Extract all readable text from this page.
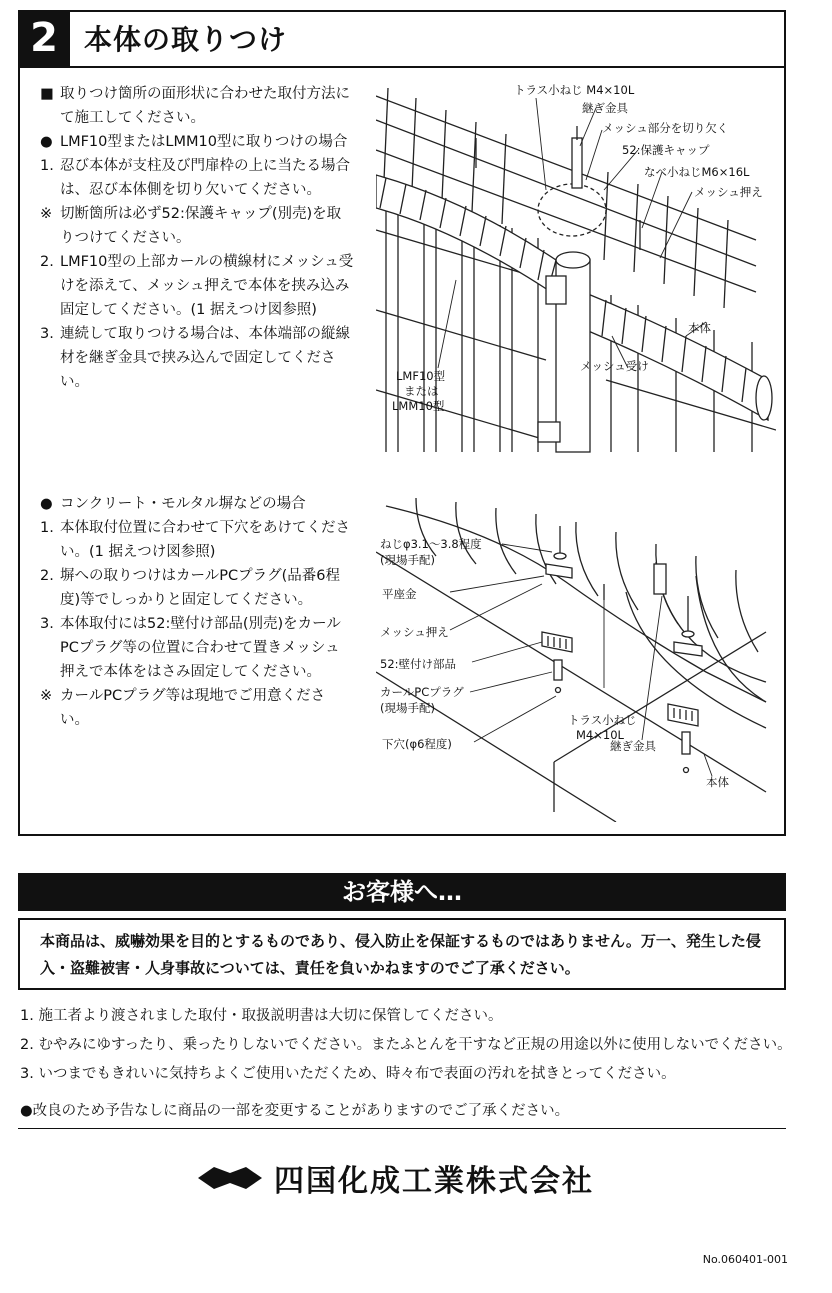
2 本体の取りつけ
■ 取りつけ箇所の面形状に合わせた取付方法にて施工してください。
● LMF10型またはLMM10型に取りつけの場合
1. 忍び本体が支柱及び門扉枠の上に当たる場合は、忍び本体側を切り欠いてください。
※ 切断箇所は必ず52:保護キャップ(別売)を取りつけてください。
2. LMF10型の上部カールの横線材にメッシュ受けを添えて、メッシュ押えで本体を挟み込み固定してください。(1 据えつけ図参照)
3. 連続して取りつける場合は、本体端部の縦線材を継ぎ金具で挟み込んで固定してください。
トラス小ねじ M4×10L
継ぎ金具
メッシュ部分を切り欠く
52:保護キャップ
なべ小ねじM6×16L
メッシュ押え
本体
メッシュ受け
LMF10型
または
LMM10型
● コンクリート・モルタル塀などの場合
1. 本体取付位置に合わせて下穴をあけてください。(1 据えつけ図参照)
2. 塀への取りつけはカールPCプラグ(品番6程度)等でしっかりと固定してください。
3. 本体取付には52:壁付け部品(別売)をカールPCプラグ等の位置に合わせて置きメッシュ押えで本体をはさみ固定してください。
※ カールPCプラグ等は現地でご用意ください。
ねじφ3.1～3.8程度
(現場手配)
平座金
メッシュ押え
52:壁付け部品
カールPCプラグ
(現場手配)
トラス小ねじ
M4×10L
下穴(φ6程度)	継ぎ金具
本体
お客様へ…
本商品は、威嚇効果を目的とするものであり、侵入防止を保証するものではありません。万一、発生した侵入・盗難被害・人身事故については、責任を負いかねますのでご了承ください。
1. 施工者より渡されました取付・取扱説明書は大切に保管してください。
2. むやみにゆすったり、乗ったりしないでください。またふとんを干すなど正規の用途以外に使用しないでください。
3. いつまでもきれいに気持ちよくご使用いただくため、時々布で表面の汚れを拭きとってください。
●改良のため予告なしに商品の一部を変更することがありますのでご了承ください。
四国化成工業株式会社
No.060401-001
